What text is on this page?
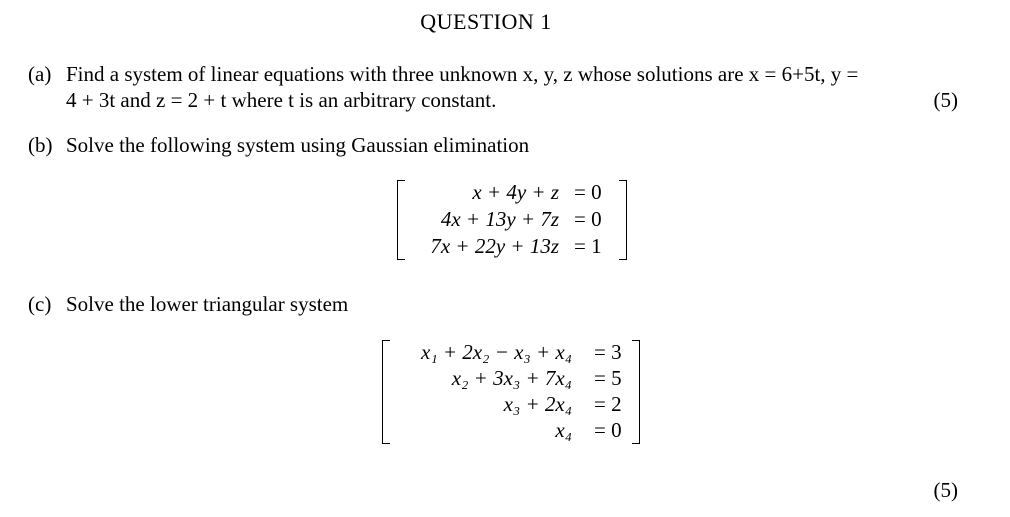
QUESTION 1
(a) Find a system of linear equations with three unknown x, y, z whose solutions are x = 6+5t, y =
4 + 3t and z = 2 + t where t is an arbitrary constant.	(5)
(b) Solve the following system using Gaussian elimination
x + 4y + z = 0
4x + 13y + 7z = 0
7x + 22y + 13z = 1
(c) Solve the lower triangular system
x₁ + 2x₂ − x₃ + x₄ = 3
x₂ + 3x₃ + 7x₄ = 5
x₃ + 2x₄ = 2
x₄ = 0
(5)
